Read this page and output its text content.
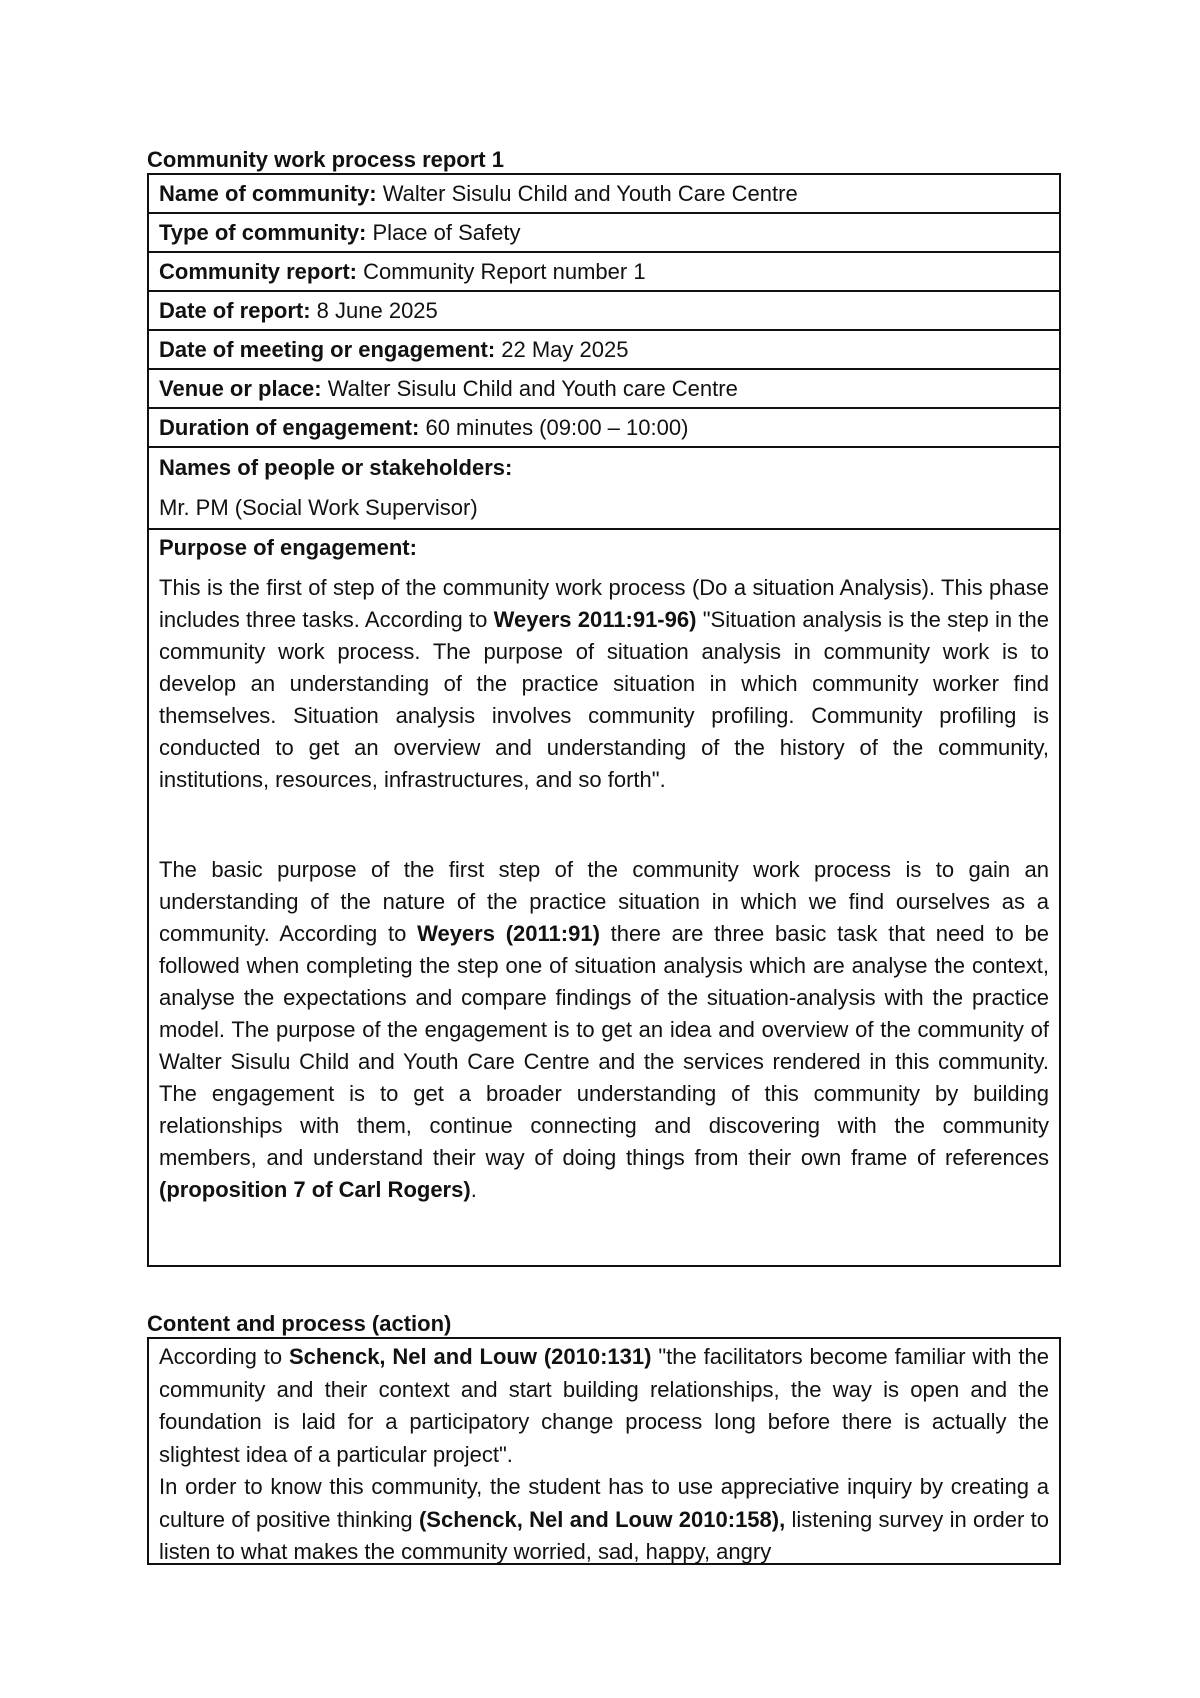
Community work process report 1
Name of community: Walter Sisulu Child and Youth Care Centre
Type of community: Place of Safety
Community report: Community Report number 1
Date of report: 8 June 2025
Date of meeting or engagement: 22 May 2025
Venue or place: Walter Sisulu Child and Youth care Centre
Duration of engagement: 60 minutes (09:00 – 10:00)

Names of people or stakeholders:
Mr. PM (Social Work Supervisor)

Purpose of engagement:

This is the first of step of the community work process (Do a situation Analysis). This phase includes three tasks. According to Weyers 2011:91-96) "Situation analysis is the step in the community work process. The purpose of situation analysis in community work is to develop an understanding of the practice situation in which community worker find themselves. Situation analysis involves community profiling. Community profiling is conducted to get an overview and understanding of the history of the community, institutions, resources, infrastructures, and so forth".

The basic purpose of the first step of the community work process is to gain an understanding of the nature of the practice situation in which we find ourselves as a community. According to Weyers (2011:91) there are three basic task that need to be followed when completing the step one of situation analysis which are analyse the context, analyse the expectations and compare findings of the situation-analysis with the practice model. The purpose of the engagement is to get an idea and overview of the community of Walter Sisulu Child and Youth Care Centre and the services rendered in this community. The engagement is to get a broader understanding of this community by building relationships with them, continue connecting and discovering with the community members, and understand their way of doing things from their own frame of references (proposition 7 of Carl Rogers).

Content and process (action)

According to Schenck, Nel and Louw (2010:131) "the facilitators become familiar with the community and their context and start building relationships, the way is open and the foundation is laid for a participatory change process long before there is actually the slightest idea of a particular project".

In order to know this community, the student has to use appreciative inquiry by creating a culture of positive thinking (Schenck, Nel and Louw 2010:158), listening survey in order to listen to what makes the community worried, sad, happy, angry
